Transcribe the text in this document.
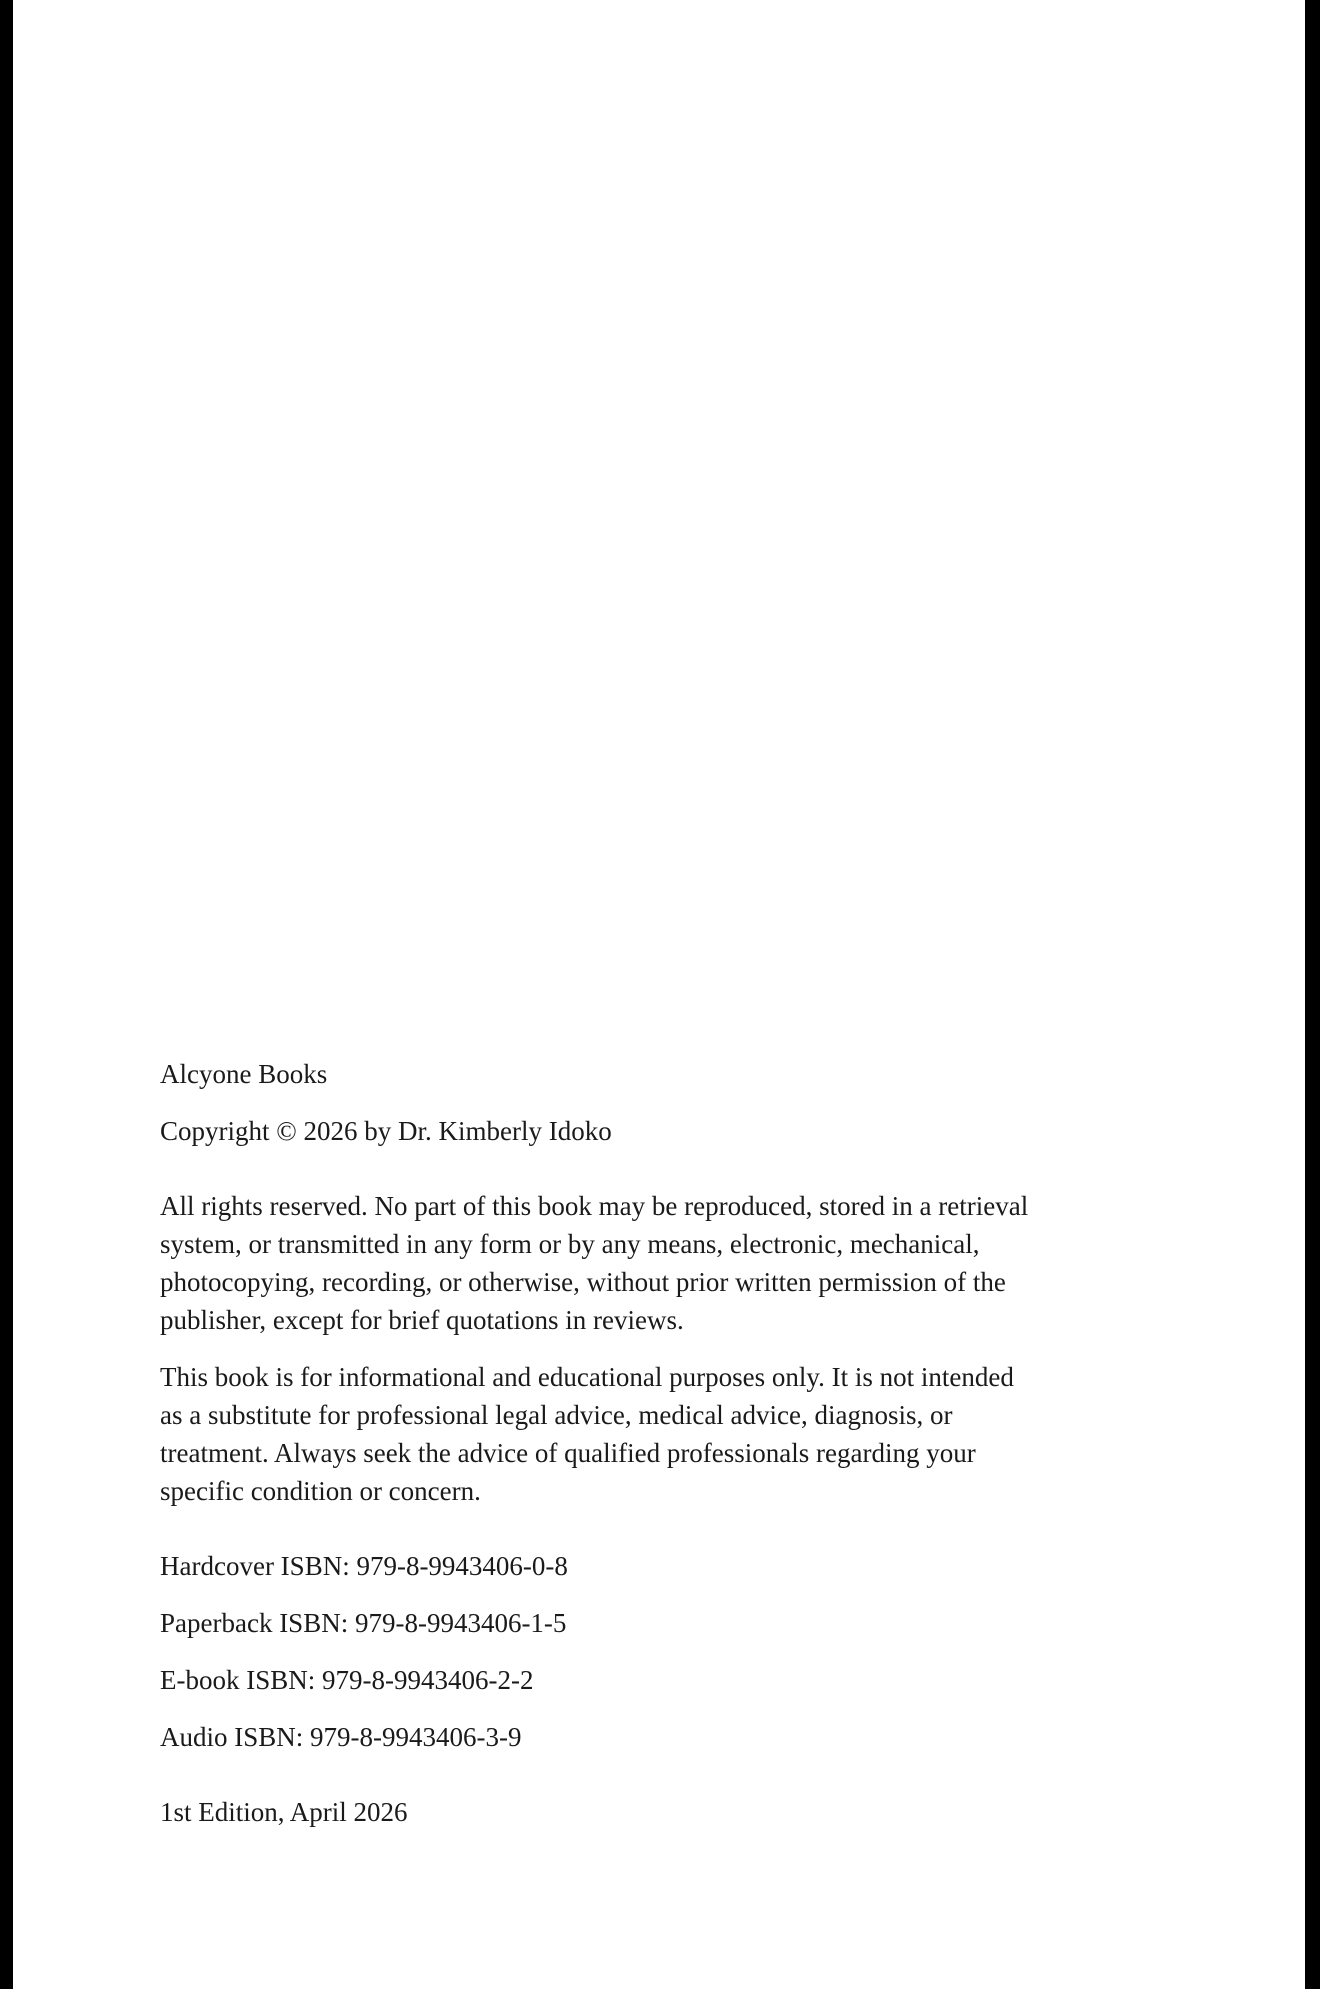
Alcyone Books

Copyright © 2026 by Dr. Kimberly Idoko

All rights reserved. No part of this book may be reproduced, stored in a retrieval

system, or transmitted in any form or by any means, electronic, mechanical,

photocopying, recording, or otherwise, without prior written permission of the

publisher, except for brief quotations in reviews.

This book is for informational and educational purposes only. It is not intended

as a substitute for professional legal advice, medical advice, diagnosis, or

treatment. Always seek the advice of qualified professionals regarding your

specific condition or concern.

Hardcover ISBN: 979-8-9943406-0-8

Paperback ISBN: 979-8-9943406-1-5

E-book ISBN: 979-8-9943406-2-2

Audio ISBN: 979-8-9943406-3-9

1st Edition, April 2026
